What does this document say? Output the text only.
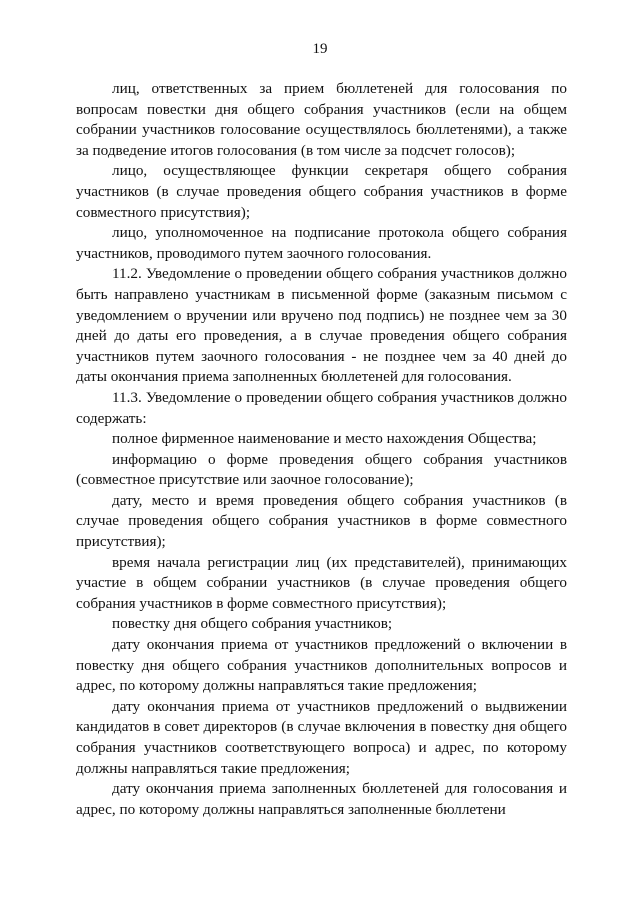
19

лиц, ответственных за прием бюллетеней для голосования по вопросам повестки дня общего собрания участников (если на общем собрании участников голосование осуществлялось бюллетенями), а также за подведение итогов голосования (в том числе за подсчет голосов);

лицо, осуществляющее функции секретаря общего собрания участников (в случае проведения общего собрания участников в форме совместного присутствия);

лицо, уполномоченное на подписание протокола общего собрания участников, проводимого путем заочного голосования.

11.2. Уведомление о проведении общего собрания участников должно быть направлено участникам в письменной форме (заказным письмом с уведомлением о вручении или вручено под подпись) не позднее чем за 30 дней до даты его проведения, а в случае проведения общего собрания участников путем заочного голосования - не позднее чем за 40 дней до даты окончания приема заполненных бюллетеней для голосования.

11.3. Уведомление о проведении общего собрания участников должно содержать:

полное фирменное наименование и место нахождения Общества;

информацию о форме проведения общего собрания участников (совместное присутствие или заочное голосование);

дату, место и время проведения общего собрания участников (в случае проведения общего собрания участников в форме совместного присутствия);

время начала регистрации лиц (их представителей), принимающих участие в общем собрании участников (в случае проведения общего собрания участников в форме совместного присутствия);

повестку дня общего собрания участников;

дату окончания приема от участников предложений о включении в повестку дня общего собрания участников дополнительных вопросов и адрес, по которому должны направляться такие предложения;

дату окончания приема от участников предложений о выдвижении кандидатов в совет директоров (в случае включения в повестку дня общего собрания участников соответствующего вопроса) и адрес, по которому должны направляться такие предложения;

дату окончания приема заполненных бюллетеней для голосования и адрес, по которому должны направляться заполненные бюллетени
